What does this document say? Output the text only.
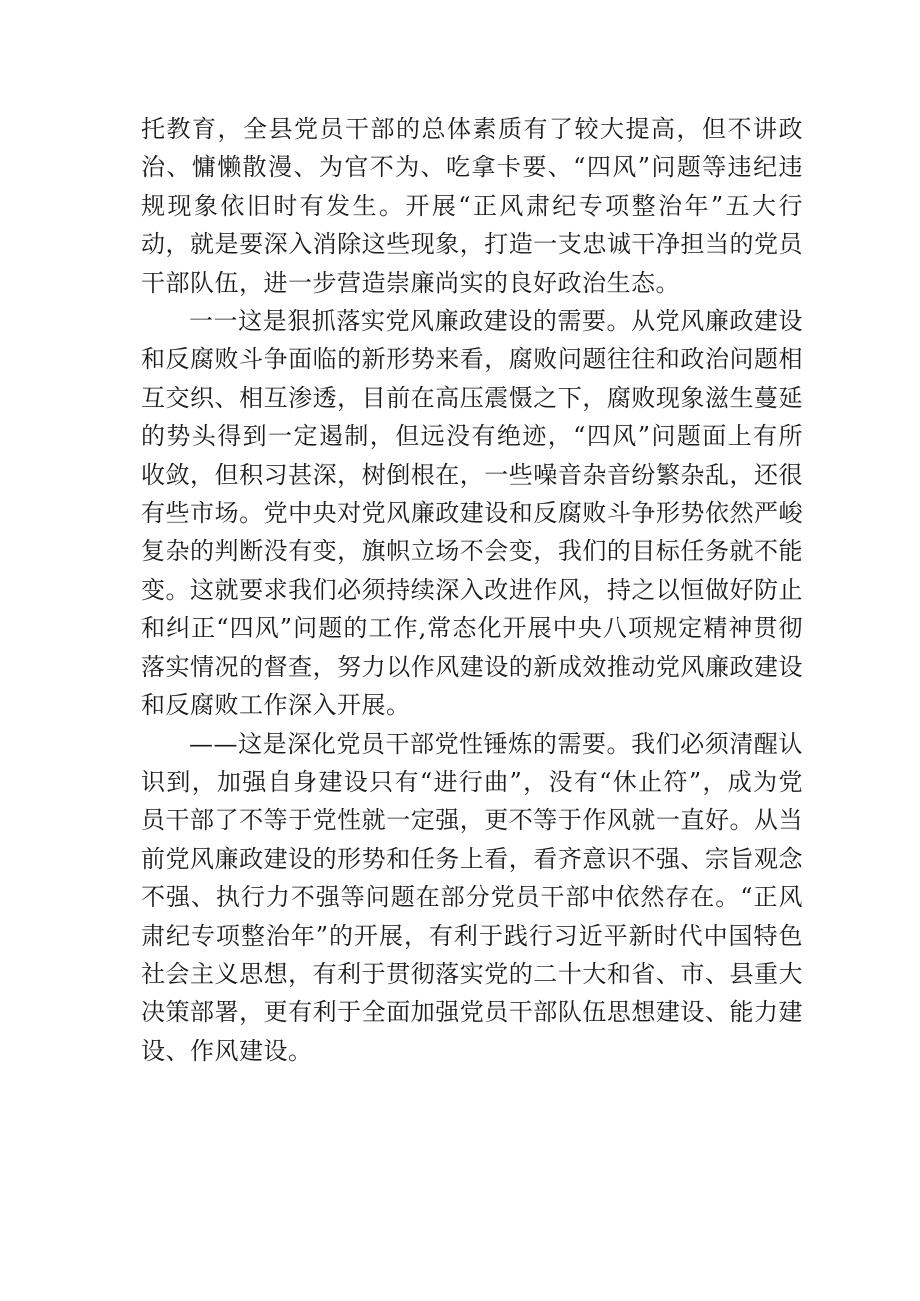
托教育，全县党员干部的总体素质有了较大提高，但不讲政治、慵懒散漫、为官不为、吃拿卡要、“四风”问题等违纪违规现象依旧时有发生。开展“正风肃纪专项整治年”五大行动，就是要深入消除这些现象，打造一支忠诚干净担当的党员干部队伍，进一步营造崇廉尚实的良好政治生态。

一一这是狠抓落实党风廉政建设的需要。从党风廉政建设和反腐败斗争面临的新形势来看，腐败问题往往和政治问题相互交织、相互渗透，目前在高压震慑之下，腐败现象滋生蔓延的势头得到一定遏制，但远没有绝迹，“四风”问题面上有所收敛，但积习甚深，树倒根在，一些噪音杂音纷繁杂乱，还很有些市场。党中央对党风廉政建设和反腐败斗争形势依然严峻复杂的判断没有变，旗帜立场不会变，我们的目标任务就不能变。这就要求我们必须持续深入改进作风，持之以恒做好防止和纠正“四风”问题的工作,常态化开展中央八项规定精神贯彻落实情况的督查，努力以作风建设的新成效推动党风廉政建设和反腐败工作深入开展。

——这是深化党员干部党性锤炼的需要。我们必须清醒认识到，加强自身建设只有“进行曲”，没有“休止符”，成为党员干部了不等于党性就一定强，更不等于作风就一直好。从当前党风廉政建设的形势和任务上看，看齐意识不强、宗旨观念不强、执行力不强等问题在部分党员干部中依然存在。“正风肃纪专项整治年”的开展，有利于践行习近平新时代中国特色社会主义思想，有利于贯彻落实党的二十大和省、市、县重大决策部署，更有利于全面加强党员干部队伍思想建设、能力建设、作风建设。
